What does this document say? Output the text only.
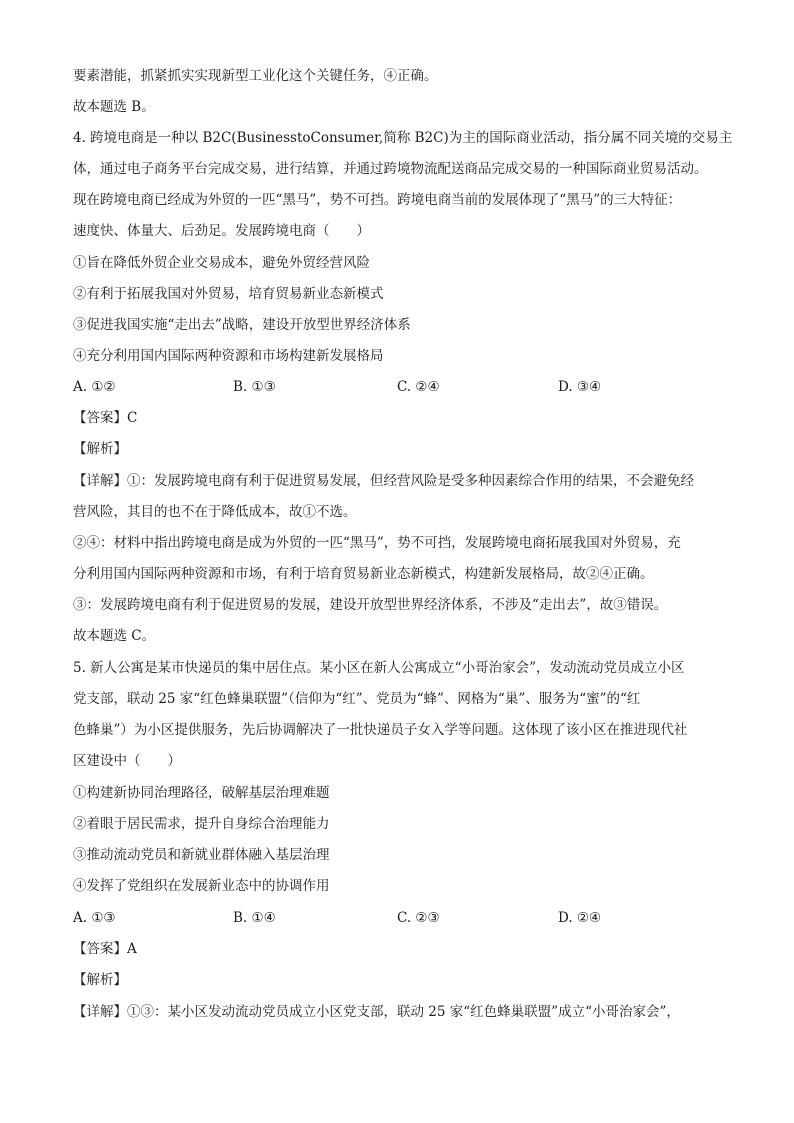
要素潜能，抓紧抓实实现新型工业化这个关键任务，④正确。
故本题选 B。
4. 跨境电商是一种以 B2C(BusinesstoConsumer,简称 B2C)为主的国际商业活动，指分属不同关境的交易主
体，通过电子商务平台完成交易，进行结算，并通过跨境物流配送商品完成交易的一种国际商业贸易活动。
现在跨境电商已经成为外贸的一匹“黑马”，势不可挡。跨境电商当前的发展体现了“黑马”的三大特征：
速度快、体量大、后劲足。发展跨境电商（　　）
①旨在降低外贸企业交易成本，避免外贸经营风险
②有利于拓展我国对外贸易，培育贸易新业态新模式
③促进我国实施“走出去”战略，建设开放型世界经济体系
④充分利用国内国际两种资源和市场构建新发展格局
A. ①②	B. ①③	C. ②④	D. ③④
【答案】C
【解析】
【详解】①：发展跨境电商有利于促进贸易发展，但经营风险是受多种因素综合作用的结果，不会避免经
营风险，其目的也不在于降低成本，故①不选。
②④：材料中指出跨境电商是成为外贸的一匹“黑马”，势不可挡，发展跨境电商拓展我国对外贸易，充
分利用国内国际两种资源和市场，有利于培育贸易新业态新模式，构建新发展格局，故②④正确。
③：发展跨境电商有利于促进贸易的发展，建设开放型世界经济体系，不涉及“走出去”，故③错误。
故本题选 C。
5. 新人公寓是某市快递员的集中居住点。某小区在新人公寓成立“小哥治家会”，发动流动党员成立小区
党支部，联动 25 家“红色蜂巢联盟”（信仰为“红”、党员为“蜂”、网格为“巢”、服务为“蜜”的“红
色蜂巢”）为小区提供服务，先后协调解决了一批快递员子女入学等问题。这体现了该小区在推进现代社
区建设中（　　）
①构建新协同治理路径，破解基层治理难题
②着眼于居民需求，提升自身综合治理能力
③推动流动党员和新就业群体融入基层治理
④发挥了党组织在发展新业态中的协调作用
A. ①③	B. ①④	C. ②③	D. ②④
【答案】A
【解析】
【详解】①③：某小区发动流动党员成立小区党支部，联动 25 家“红色蜂巢联盟”成立“小哥治家会”，
